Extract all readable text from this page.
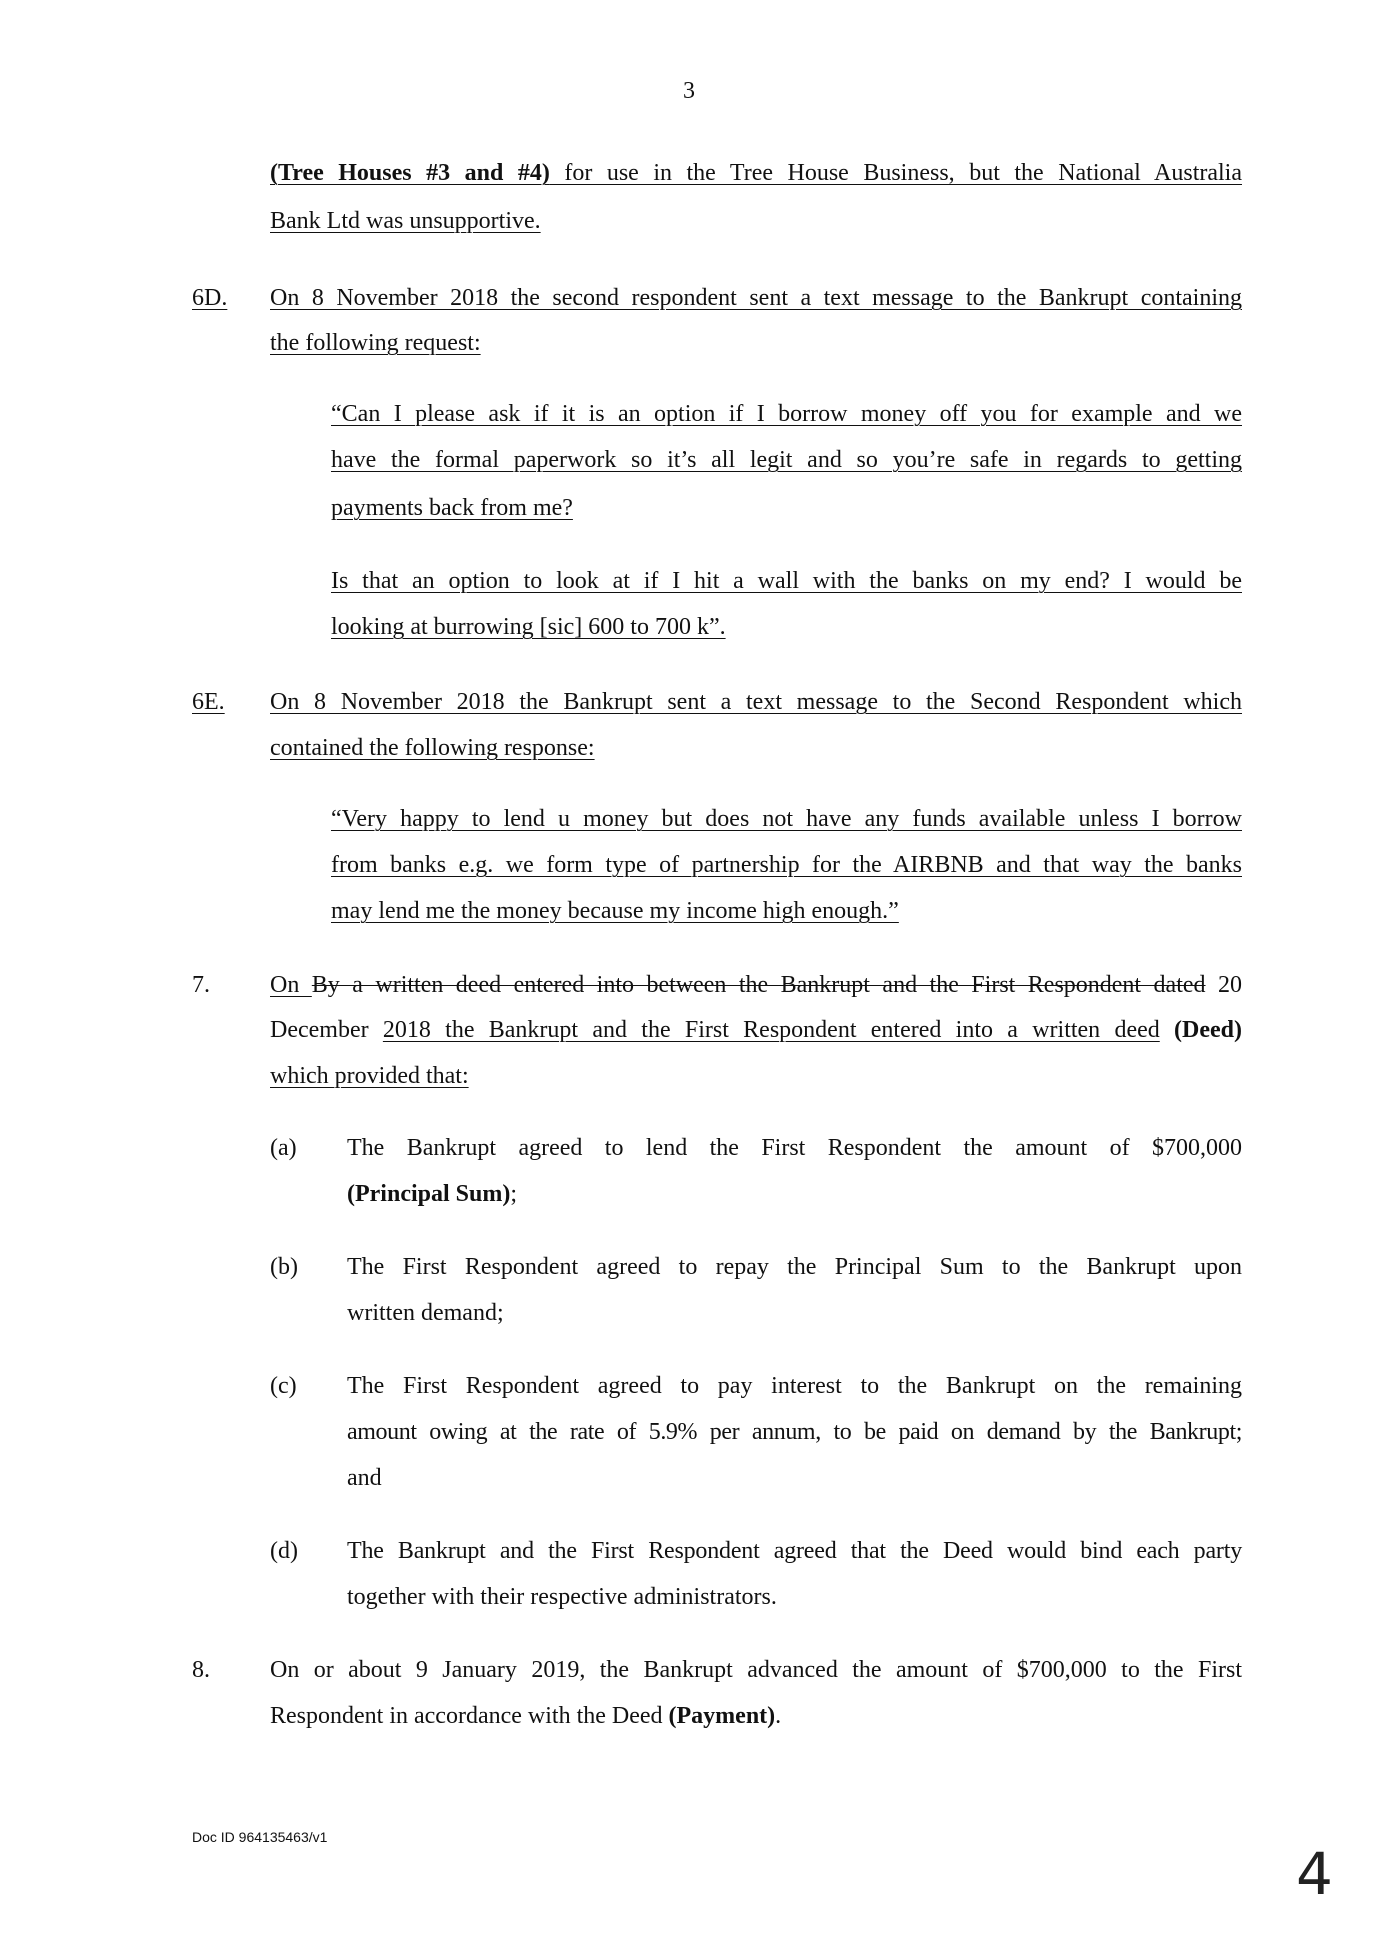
3
(Tree Houses #3 and #4) for use in the Tree House Business, but the National Australia
Bank Ltd was unsupportive.
6D. On 8 November 2018 the second respondent sent a text message to the Bankrupt containing
the following request:
“Can I please ask if it is an option if I borrow money off you for example and we
have the formal paperwork so it’s all legit and so you’re safe in regards to getting
payments back from me?
Is that an option to look at if I hit a wall with the banks on my end? I would be
looking at burrowing [sic] 600 to 700 k”.
6E. On 8 November 2018 the Bankrupt sent a text message to the Second Respondent which
contained the following response:
“Very happy to lend u money but does not have any funds available unless I borrow
from banks e.g. we form type of partnership for the AIRBNB and that way the banks
may lend me the money because my income high enough.”
7.	On By a written deed entered into between the Bankrupt and the First Respondent dated 20
December 2018 the Bankrupt and the First Respondent entered into a written deed (Deed)
which provided that:
(a) The Bankrupt agreed to lend the First Respondent the amount of $700,000
(Principal Sum);
(b) The First Respondent agreed to repay the Principal Sum to the Bankrupt upon
written demand;
(c) The First Respondent agreed to pay interest to the Bankrupt on the remaining
amount owing at the rate of 5.9% per annum, to be paid on demand by the Bankrupt;
and
(d) The Bankrupt and the First Respondent agreed that the Deed would bind each party
together with their respective administrators.
8.	On or about 9 January 2019, the Bankrupt advanced the amount of $700,000 to the First
Respondent in accordance with the Deed (Payment).
Doc ID 964135463/v1
4
